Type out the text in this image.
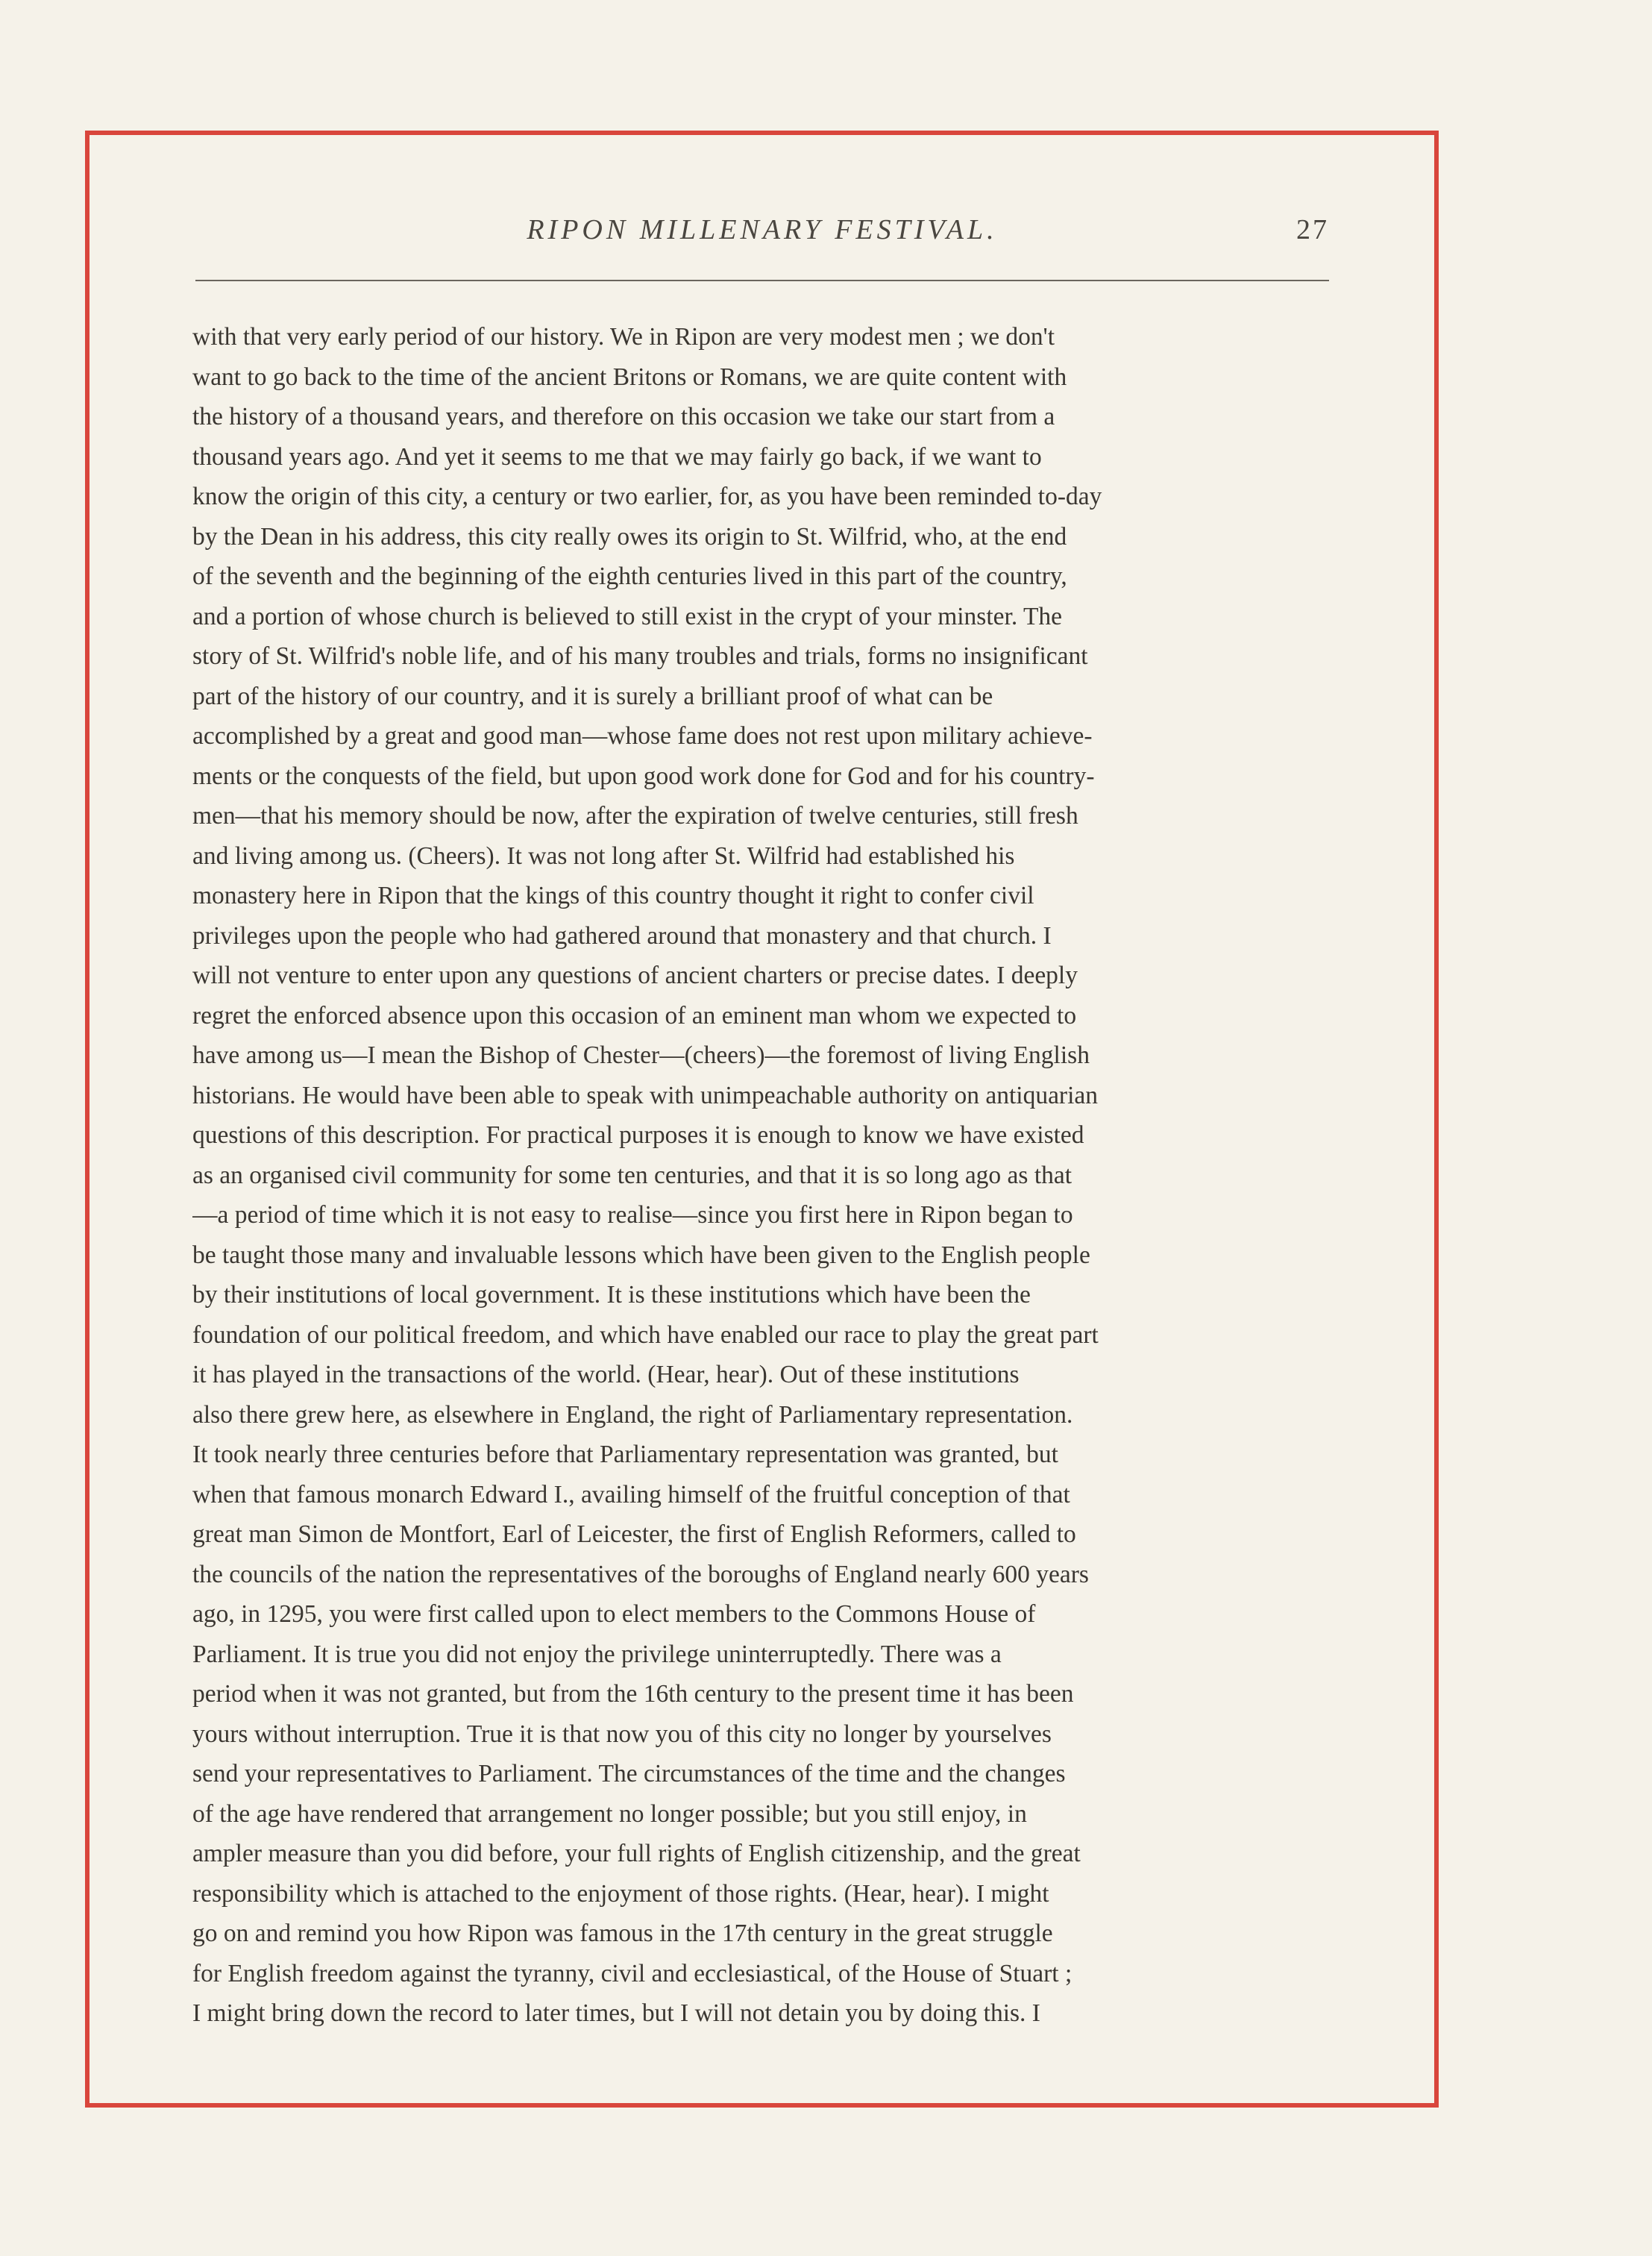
RIPON MILLENARY FESTIVAL.	27
with that very early period of our history. We in Ripon are very modest men ; we don't
want to go back to the time of the ancient Britons or Romans, we are quite content with
the history of a thousand years, and therefore on this occasion we take our start from a
thousand years ago. And yet it seems to me that we may fairly go back, if we want to
know the origin of this city, a century or two earlier, for, as you have been reminded to-day
by the Dean in his address, this city really owes its origin to St. Wilfrid, who, at the end
of the seventh and the beginning of the eighth centuries lived in this part of the country,
and a portion of whose church is believed to still exist in the crypt of your minster. The
story of St. Wilfrid's noble life, and of his many troubles and trials, forms no insignificant
part of the history of our country, and it is surely a brilliant proof of what can be
accomplished by a great and good man—whose fame does not rest upon military achieve-
ments or the conquests of the field, but upon good work done for God and for his country-
men—that his memory should be now, after the expiration of twelve centuries, still fresh
and living among us. (Cheers). It was not long after St. Wilfrid had established his
monastery here in Ripon that the kings of this country thought it right to confer civil
privileges upon the people who had gathered around that monastery and that church. I
will not venture to enter upon any questions of ancient charters or precise dates. I deeply
regret the enforced absence upon this occasion of an eminent man whom we expected to
have among us—I mean the Bishop of Chester—(cheers)—the foremost of living English
historians. He would have been able to speak with unimpeachable authority on antiquarian
questions of this description. For practical purposes it is enough to know we have existed
as an organised civil community for some ten centuries, and that it is so long ago as that
—a period of time which it is not easy to realise—since you first here in Ripon began to
be taught those many and invaluable lessons which have been given to the English people
by their institutions of local government. It is these institutions which have been the
foundation of our political freedom, and which have enabled our race to play the great part
it has played in the transactions of the world. (Hear, hear). Out of these institutions
also there grew here, as elsewhere in England, the right of Parliamentary representation.
It took nearly three centuries before that Parliamentary representation was granted, but
when that famous monarch Edward I., availing himself of the fruitful conception of that
great man Simon de Montfort, Earl of Leicester, the first of English Reformers, called to
the councils of the nation the representatives of the boroughs of England nearly 600 years
ago, in 1295, you were first called upon to elect members to the Commons House of
Parliament. It is true you did not enjoy the privilege uninterruptedly. There was a
period when it was not granted, but from the 16th century to the present time it has been
yours without interruption. True it is that now you of this city no longer by yourselves
send your representatives to Parliament. The circumstances of the time and the changes
of the age have rendered that arrangement no longer possible; but you still enjoy, in
ampler measure than you did before, your full rights of English citizenship, and the great
responsibility which is attached to the enjoyment of those rights. (Hear, hear). I might
go on and remind you how Ripon was famous in the 17th century in the great struggle
for English freedom against the tyranny, civil and ecclesiastical, of the House of Stuart ;
I might bring down the record to later times, but I will not detain you by doing this. I
